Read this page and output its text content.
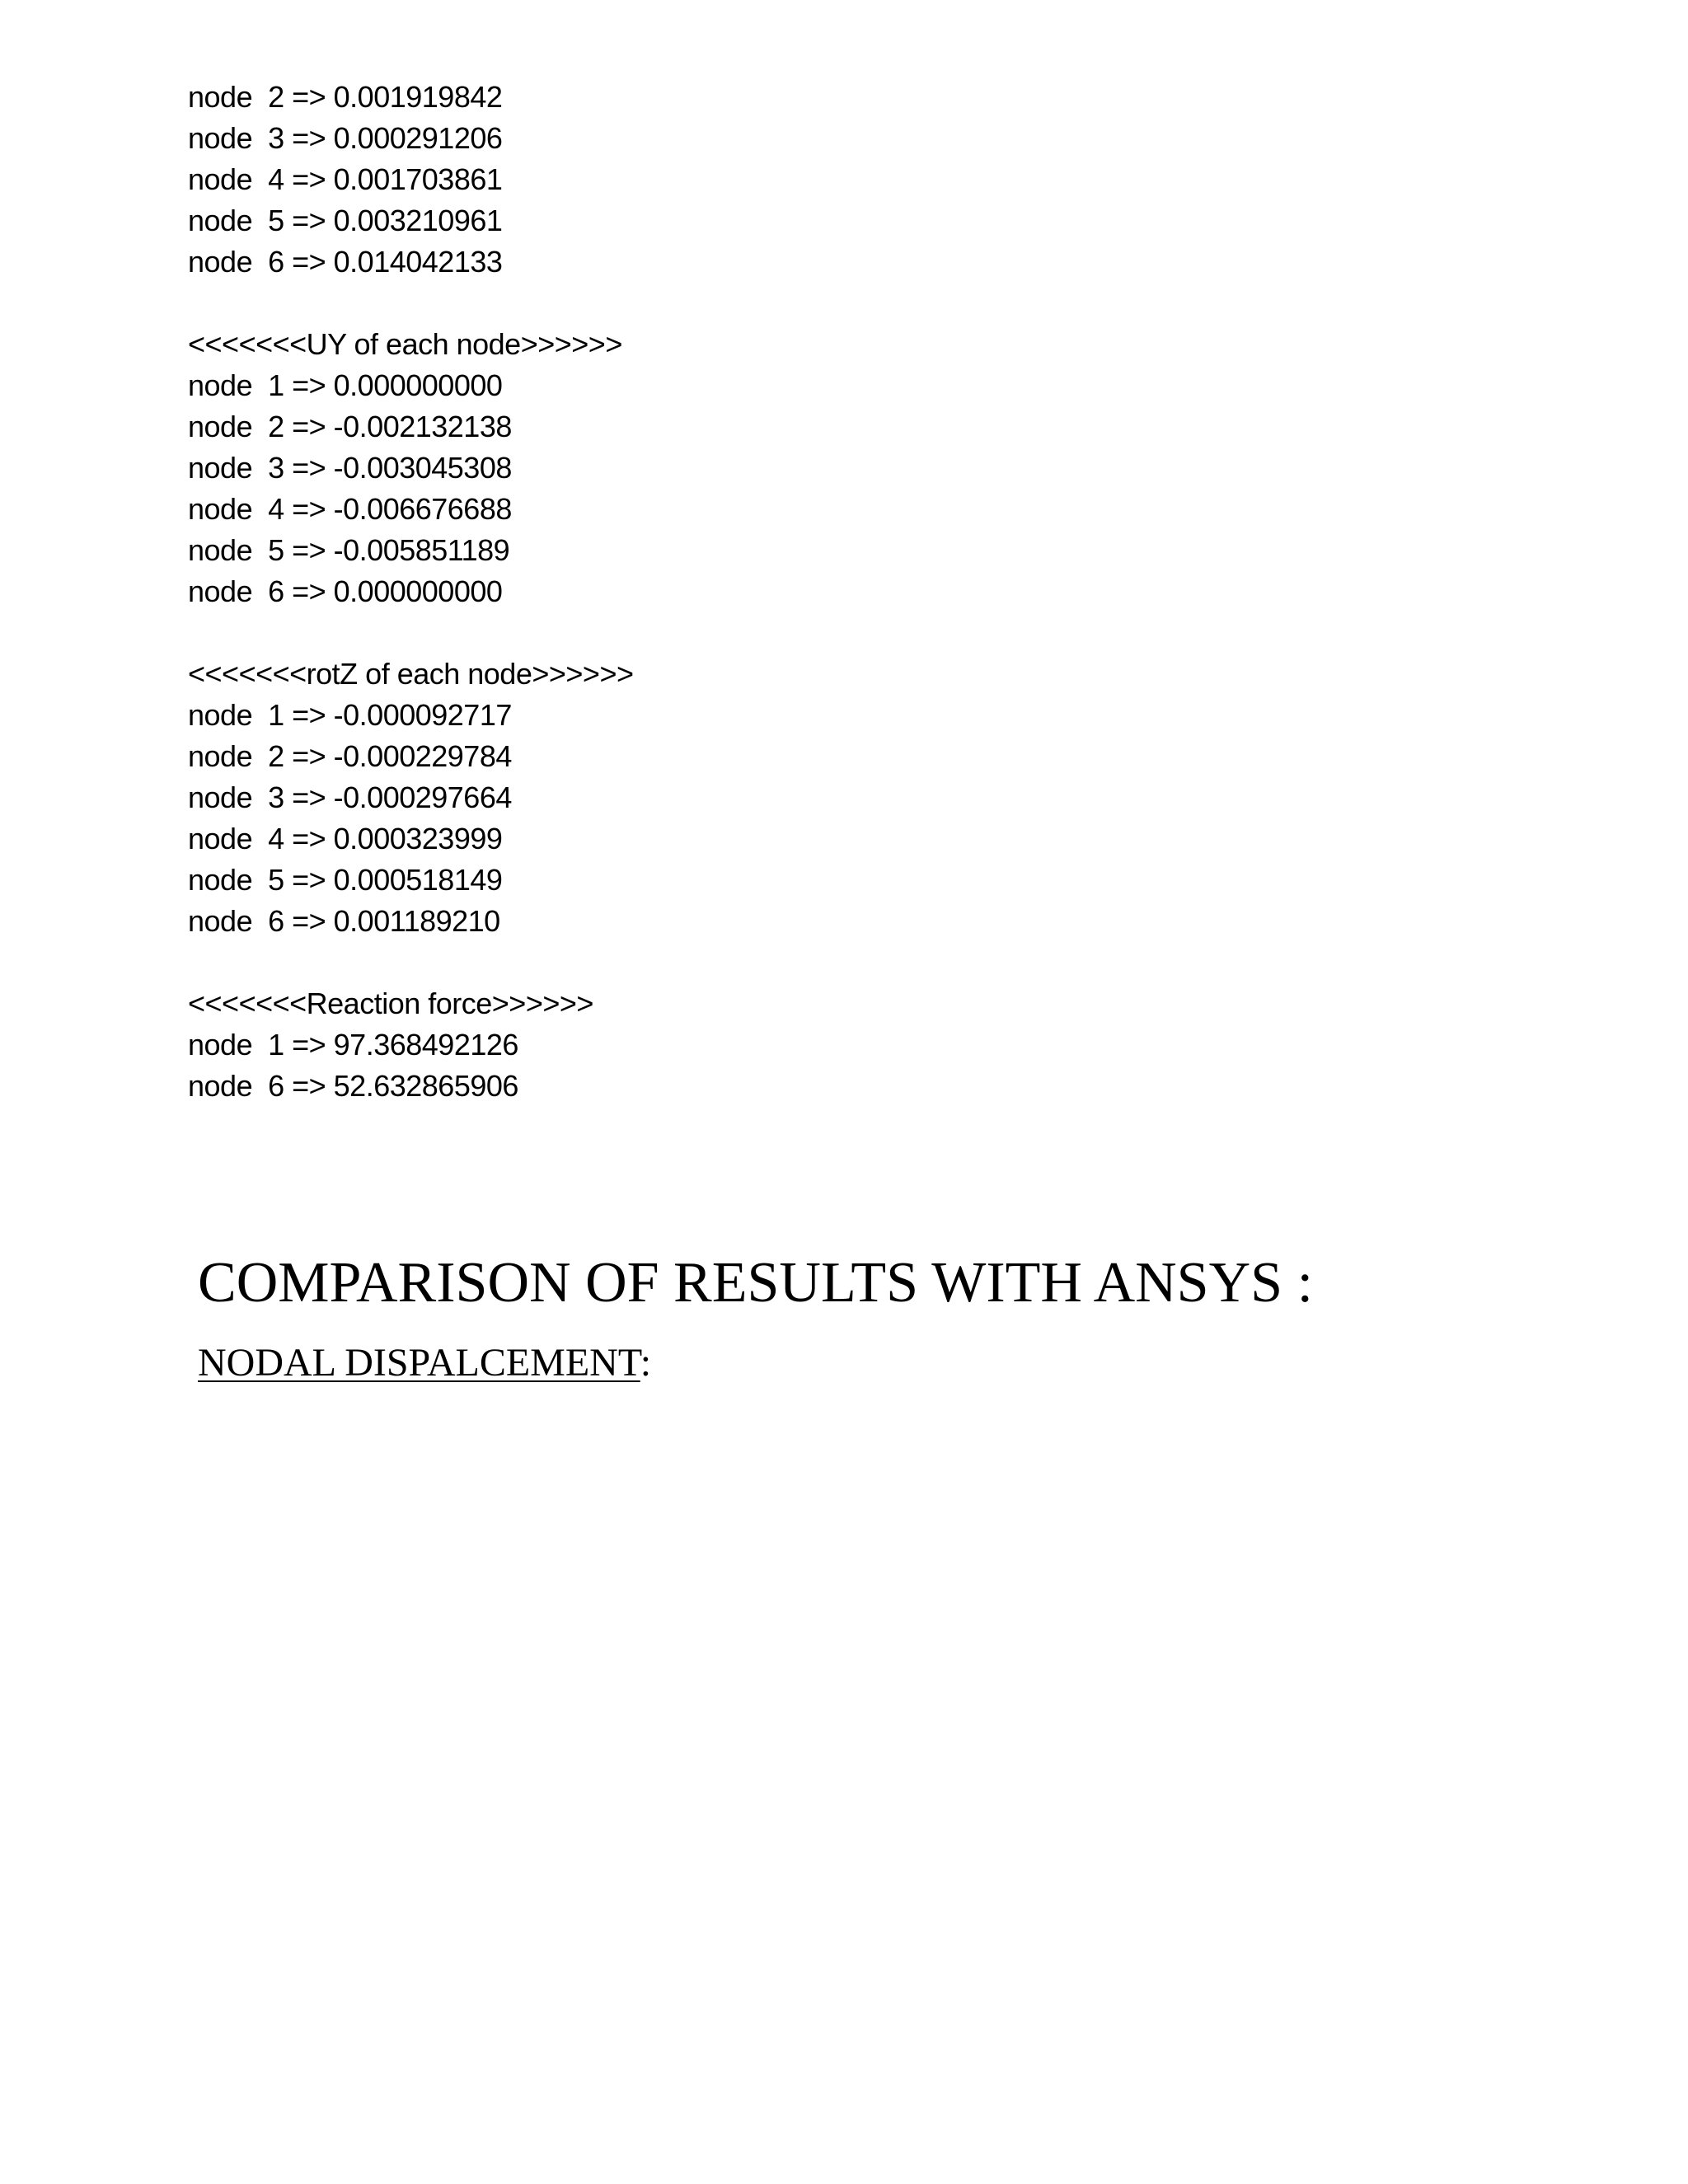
node  2 => 0.001919842
node  3 => 0.000291206
node  4 => 0.001703861
node  5 => 0.003210961
node  6 => 0.014042133
<<<<<<<UY of each node>>>>>>
node  1 => 0.000000000
node  2 => -0.002132138
node  3 => -0.003045308
node  4 => -0.006676688
node  5 => -0.005851189
node  6 => 0.000000000
<<<<<<<rotZ of each node>>>>>>
node  1 => -0.000092717
node  2 => -0.000229784
node  3 => -0.000297664
node  4 => 0.000323999
node  5 => 0.000518149
node  6 => 0.001189210
<<<<<<<Reaction force>>>>>>
node  1 => 97.368492126
node  6 => 52.632865906
COMPARISON OF RESULTS WITH ANSYS :
NODAL DISPALCEMENT:
